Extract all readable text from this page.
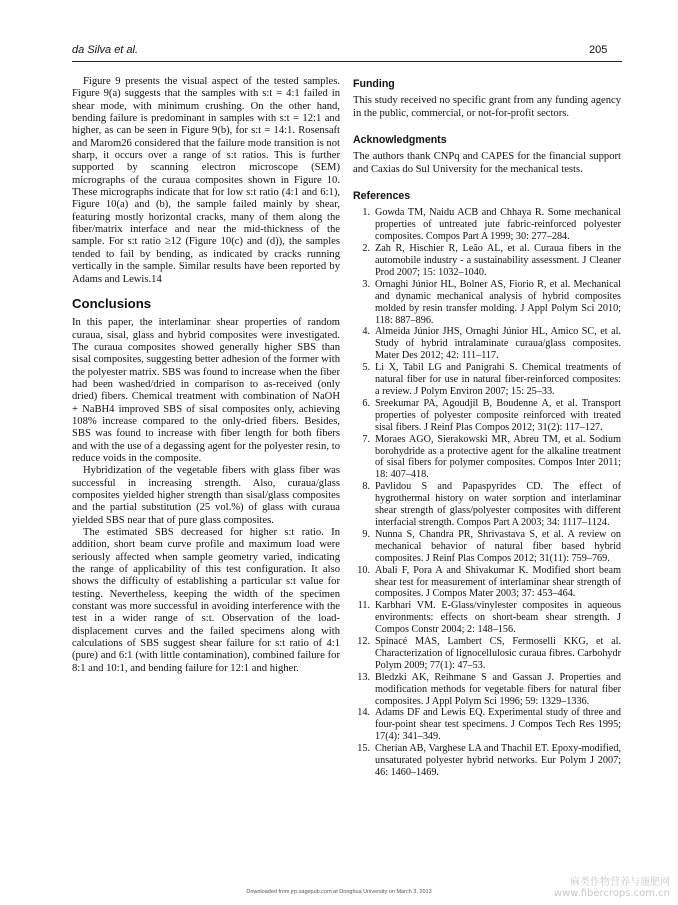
da Silva et al.	205

Figure 9 presents the visual aspect of the tested samples. Figure 9(a) suggests that the samples with s:t = 4:1 failed in shear mode, with minimum crushing. On the other hand, bending failure is predominant in samples with s:t = 12:1 and higher, as can be seen in Figure 9(b), for s:t = 14:1. Rosensaft and Marom26 considered that the failure mode transition is not sharp, it occurs over a range of s:t ratios. This is further supported by scanning electron microscope (SEM) micrographs of the curaua composites shown in Figure 10. These micrographs indicate that for low s:t ratio (4:1 and 6:1), Figure 10(a) and (b), the sample failed mainly by shear, featuring mostly horizontal cracks, many of them along the fiber/matrix interface and near the mid-thickness of the sample. For s:t ratio ≥12 (Figure 10(c) and (d)), the samples tended to fail by bending, as indicated by cracks running vertically in the sample. Similar results have been reported by Adams and Lewis.14

Conclusions

In this paper, the interlaminar shear properties of random curaua, sisal, glass and hybrid composites were investigated. The curaua composites showed generally higher SBS than sisal composites, suggesting better adhesion of the former with the polyester matrix. SBS was found to increase when the fiber had been washed/dried in comparison to as-received (only dried) fibers. Chemical treatment with combination of NaOH + NaBH4 improved SBS of sisal composites only, achieving 108% increase compared to the only-dried fibers. Besides, SBS was found to increase with fiber length for both fibers and with the use of a degassing agent for the polyester resin, to reduce voids in the composite.

Hybridization of the vegetable fibers with glass fiber was successful in increasing strength. Also, curaua/glass composites yielded higher strength than sisal/glass composites and the partial substitution (25 vol.%) of glass with curaua yielded SBS near that of pure glass composites.

The estimated SBS decreased for higher s:t ratio. In addition, short beam curve profile and maximum load were seriously affected when sample geometry varied, indicating the range of applicability of this test configuration. It also shows the difficulty of establishing a particular s:t value for testing. Nevertheless, keeping the width of the specimen constant was more successful in avoiding interference with the test in a wider range of s:t. Observation of the load-displacement curves and the failed specimens along with calculations of SBS suggest shear failure for s:t ratio of 4:1 (pure) and 6:1 (with little contamination), combined failure for 8:1 and 10:1, and bending failure for 12:1 and higher.

Funding
This study received no specific grant from any funding agency in the public, commercial, or not-for-profit sectors.
Acknowledgments
The authors thank CNPq and CAPES for the financial support and Caxias do Sul University for the mechanical tests.
References
1. Gowda TM, Naidu ACB and Chhaya R. Some mechanical properties of untreated jute fabric-reinforced polyester composites. Compos Part A 1999; 30: 277–284.
2. Zah R, Hischier R, Leão AL, et al. Curaua fibers in the automobile industry - a sustainability assessment. J Cleaner Prod 2007; 15: 1032–1040.
3. Ornaghi Júnior HL, Bolner AS, Fiorio R, et al. Mechanical and dynamic mechanical analysis of hybrid composites molded by resin transfer molding. J Appl Polym Sci 2010; 118: 887–896.
4. Almeida Júnior JHS, Ornaghi Júnior HL, Amico SC, et al. Study of hybrid intralaminate curaua/glass composites. Mater Des 2012; 42: 111–117.
5. Li X, Tabil LG and Panigrahi S. Chemical treatments of natural fiber for use in natural fiber-reinforced composites: a review. J Polym Environ 2007; 15: 25–33.
6. Sreekumar PA, Agoudjil B, Boudenne A, et al. Transport properties of polyester composite reinforced with treated sisal fibers. J Reinf Plas Compos 2012; 31(2): 117–127.
7. Moraes AGO, Sierakowski MR, Abreu TM, et al. Sodium borohydride as a protective agent for the alkaline treatment of sisal fibers for polymer composites. Compos Inter 2011; 18: 407–418.
8. Pavlidou S and Papaspyrides CD. The effect of hygrothermal history on water sorption and interlaminar shear strength of glass/polyester composites with different interfacial strength. Compos Part A 2003; 34: 1117–1124.
9. Nunna S, Chandra PR, Shrivastava S, et al. A review on mechanical behavior of natural fiber based hybrid composites. J Reinf Plas Compos 2012; 31(11): 759–769.
10. Abali F, Pora A and Shivakumar K. Modified short beam shear test for measurement of interlaminar shear strength of composites. J Compos Mater 2003; 37: 453–464.
11. Karbhari VM. E-Glass/vinylester composites in aqueous environments: effects on short-beam shear strength. J Compos Constr 2004; 2: 148–156.
12. Spinacé MAS, Lambert CS, Fermoselli KKG, et al. Characterization of lignocellulosic curaua fibres. Carbohydr Polym 2009; 77(1): 47–53.
13. Bledzki AK, Reihmane S and Gassan J. Properties and modification methods for vegetable fibers for natural fiber composites. J Appl Polym Sci 1996; 59: 1329–1336.
14. Adams DF and Lewis EQ. Experimental study of three and four-point shear test specimens. J Compos Tech Res 1995; 17(4): 341–349.
15. Cherian AB, Varghese LA and Thachil ET. Epoxy-modified, unsaturated polyester hybrid networks. Eur Polym J 2007; 46: 1460–1469.
Downloaded from jrp.sagepub.com at Donghua University on March 3, 2013
麻类作物营养与施肥网
www.fibercrops.com.cn
